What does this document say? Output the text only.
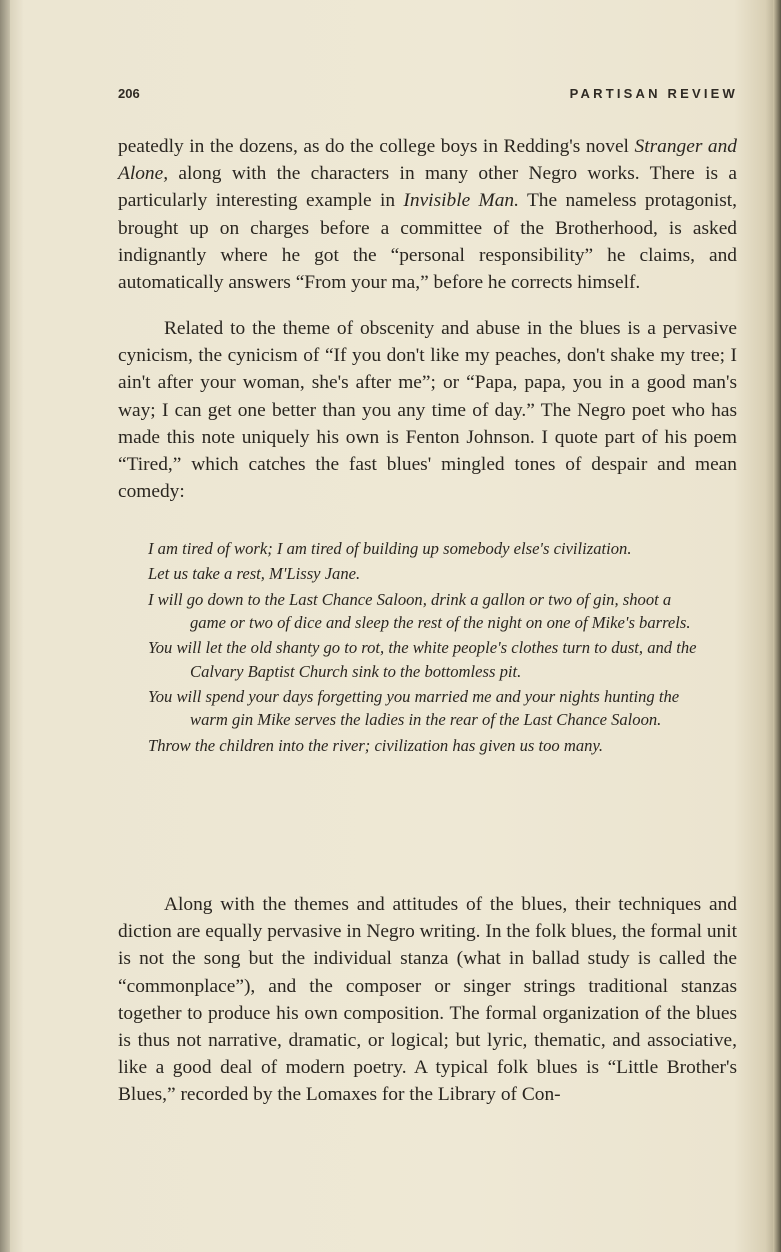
206	PARTISAN REVIEW
peatedly in the dozens, as do the college boys in Redding's novel Stranger and Alone, along with the characters in many other Negro works. There is a particularly interesting example in Invisible Man. The nameless protagonist, brought up on charges before a committee of the Brotherhood, is asked indignantly where he got the “personal responsibility” he claims, and automatically answers “From your ma,” before he corrects himself.
Related to the theme of obscenity and abuse in the blues is a pervasive cynicism, the cynicism of “If you don't like my peaches, don't shake my tree; I ain't after your woman, she's after me”; or “Papa, papa, you in a good man's way; I can get one better than you any time of day.” The Negro poet who has made this note uniquely his own is Fenton Johnson. I quote part of his poem “Tired,” which catches the fast blues' mingled tones of despair and mean comedy:
I am tired of work; I am tired of building up somebody else's civilization.
Let us take a rest, M'Lissy Jane.
I will go down to the Last Chance Saloon, drink a gallon or two of gin, shoot a game or two of dice and sleep the rest of the night on one of Mike's barrels.
You will let the old shanty go to rot, the white people's clothes turn to dust, and the Calvary Baptist Church sink to the bottomless pit.
You will spend your days forgetting you married me and your nights hunting the warm gin Mike serves the ladies in the rear of the Last Chance Saloon.
Throw the children into the river; civilization has given us too many.
Along with the themes and attitudes of the blues, their techniques and diction are equally pervasive in Negro writing. In the folk blues, the formal unit is not the song but the individual stanza (what in ballad study is called the “commonplace”), and the composer or singer strings traditional stanzas together to produce his own composition. The formal organization of the blues is thus not narrative, dramatic, or logical; but lyric, thematic, and associative, like a good deal of modern poetry. A typical folk blues is “Little Brother's Blues,” recorded by the Lomaxes for the Library of Con-
